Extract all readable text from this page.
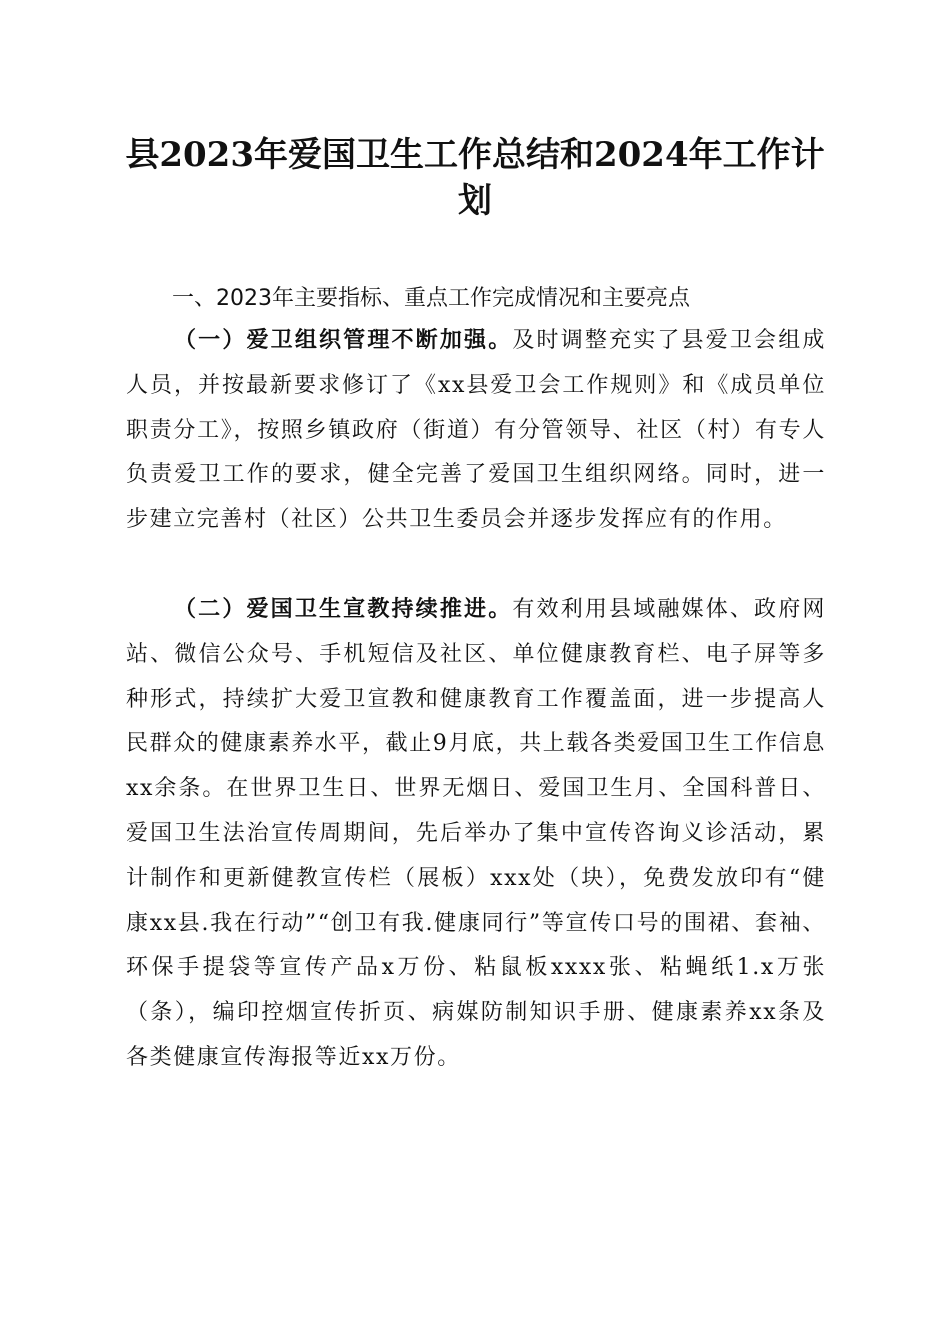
县2023年爱国卫生工作总结和2024年工作计划
一、2023年主要指标、重点工作完成情况和主要亮点

（一）爱卫组织管理不断加强。及时调整充实了县爱卫会组成人员，并按最新要求修订了《xx县爱卫会工作规则》和《成员单位职责分工》，按照乡镇政府（街道）有分管领导、社区（村）有专人负责爱卫工作的要求，健全完善了爱国卫生组织网络。同时，进一步建立完善村（社区）公共卫生委员会并逐步发挥应有的作用。

（二）爱国卫生宣教持续推进。有效利用县域融媒体、政府网站、微信公众号、手机短信及社区、单位健康教育栏、电子屏等多种形式，持续扩大爱卫宣教和健康教育工作覆盖面，进一步提高人民群众的健康素养水平，截止9月底，共上载各类爱国卫生工作信息xx余条。在世界卫生日、世界无烟日、爱国卫生月、全国科普日、爱国卫生法治宣传周期间，先后举办了集中宣传咨询义诊活动，累计制作和更新健教宣传栏（展板）xxx处（块），免费发放印有“健康xx县.我在行动”“创卫有我.健康同行”等宣传口号的围裙、套袖、环保手提袋等宣传产品x万份、粘鼠板xxxx张、粘蝇纸1.x万张（条），编印控烟宣传折页、病媒防制知识手册、健康素养xx条及各类健康宣传海报等近xx万份。
